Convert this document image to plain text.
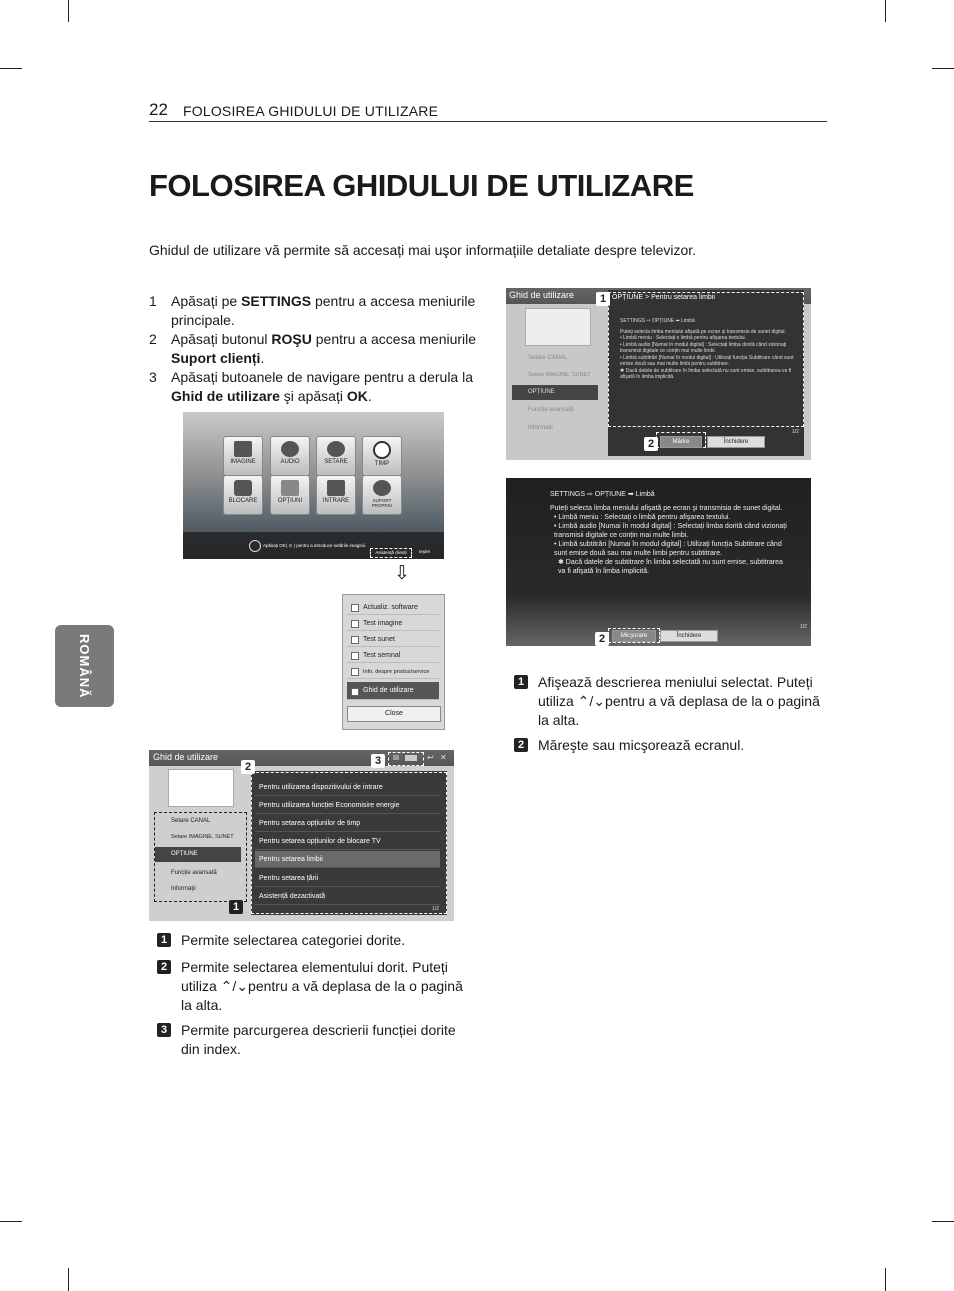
22 FOLOSIREA GHIDULUI DE UTILIZARE
FOLOSIREA GHIDULUI DE UTILIZARE
Ghidul de utilizare vă permite să accesați mai uşor informațiile detaliate despre televizor.
ROMÂNĂ
1 Apăsați pe SETTINGS pentru a accesa meniurile principale.
2 Apăsați butonul ROŞU pentru a accesa meniurile Suport clienți.
3 Apăsați butoanele de navigare pentru a derula la Ghid de utilizare şi apăsați OK.
IMAGINE	AUDIO	SETARE	TIMP
BLOCARE	OPȚIUNI	INTRARE	SUPORT PROPRIU
Apăsați OK( ⊙ ) pentru a introduce setările imaginii.
Asistență clienți	Ieşire
⇩
Actualiz. software
Test imagine
Test sunet
Test semnal
Info. despre produs/service
Ghid de utilizare
Close
Ghid de utilizare
Setare CANAL
Setare IMAGINE, SUNET
OPȚIUNE
Funcție avansată
Informații
1
2
Pentru utilizarea dispozitivului de intrare
Pentru utilizarea funcției Economisire energie
Pentru setarea opțiunilor de timp
Pentru setarea opțiunilor de blocare TV
Pentru setarea limbii
Pentru setarea țării
Asistență dezactivată
1/2
3	↩ ✕
1 Permite selectarea categoriei dorite.
2 Permite selectarea elementului dorit. Puteți utiliza ⌃/⌄pentru a vă deplasa de la o pagină la alta.
3 Permite parcurgerea descrierii funcției dorite din index.
Ghid de utilizare
Setare CANAL
Setare IMAGINE, SUNET
OPȚIUNE
Funcție avansată
Informații
1 OPȚIUNE > Pentru setarea limbii
SETTINGS ⇨ OPȚIUNE ➡ Limbă
Puteți selecta limba meniului afişată pe ecran şi transmisia de sunet digital.
• Limbă meniu : Selectați o limbă pentru afişarea textului.
• Limbă audio [Numai în modul digital] : Selectați limba dorită când vizionați transmisii digitale ce conțin mai multe limbi.
• Limbă subtitrări [Numai în modul digital] : Utilizați funcția Subtitrare când sunt emise două sau mai multe limbi pentru subtitrare.
✱ Dacă datele de subtitrare în limba selectată nu sunt emise, subtitrarea va fi afişată în limba implicită.
2	Mărire	Închidere
1/2
SETTINGS ⇨ OPȚIUNE ➡ Limbă
Puteți selecta limba meniului afişată pe ecran şi transmisia de sunet digital.
• Limbă meniu : Selectați o limbă pentru afişarea textului.
• Limbă audio [Numai în modul digital] : Selectați limba dorită când vizionați transmisii digitale ce conțin mai multe limbi.
• Limbă subtitrări [Numai în modul digital] : Utilizați funcția Subtitrare când sunt emise două sau mai multe limbi pentru subtitrare.
✱ Dacă datele de subtitrare în limba selectată nu sunt emise, subtitrarea va fi afişată în limba implicită.
2	Micşorare	Închidere
1/2
1 Afişează descrierea meniului selectat. Puteți utiliza ⌃/⌄pentru a vă deplasa de la o pagină la alta.
2 Măreşte sau micşorează ecranul.
